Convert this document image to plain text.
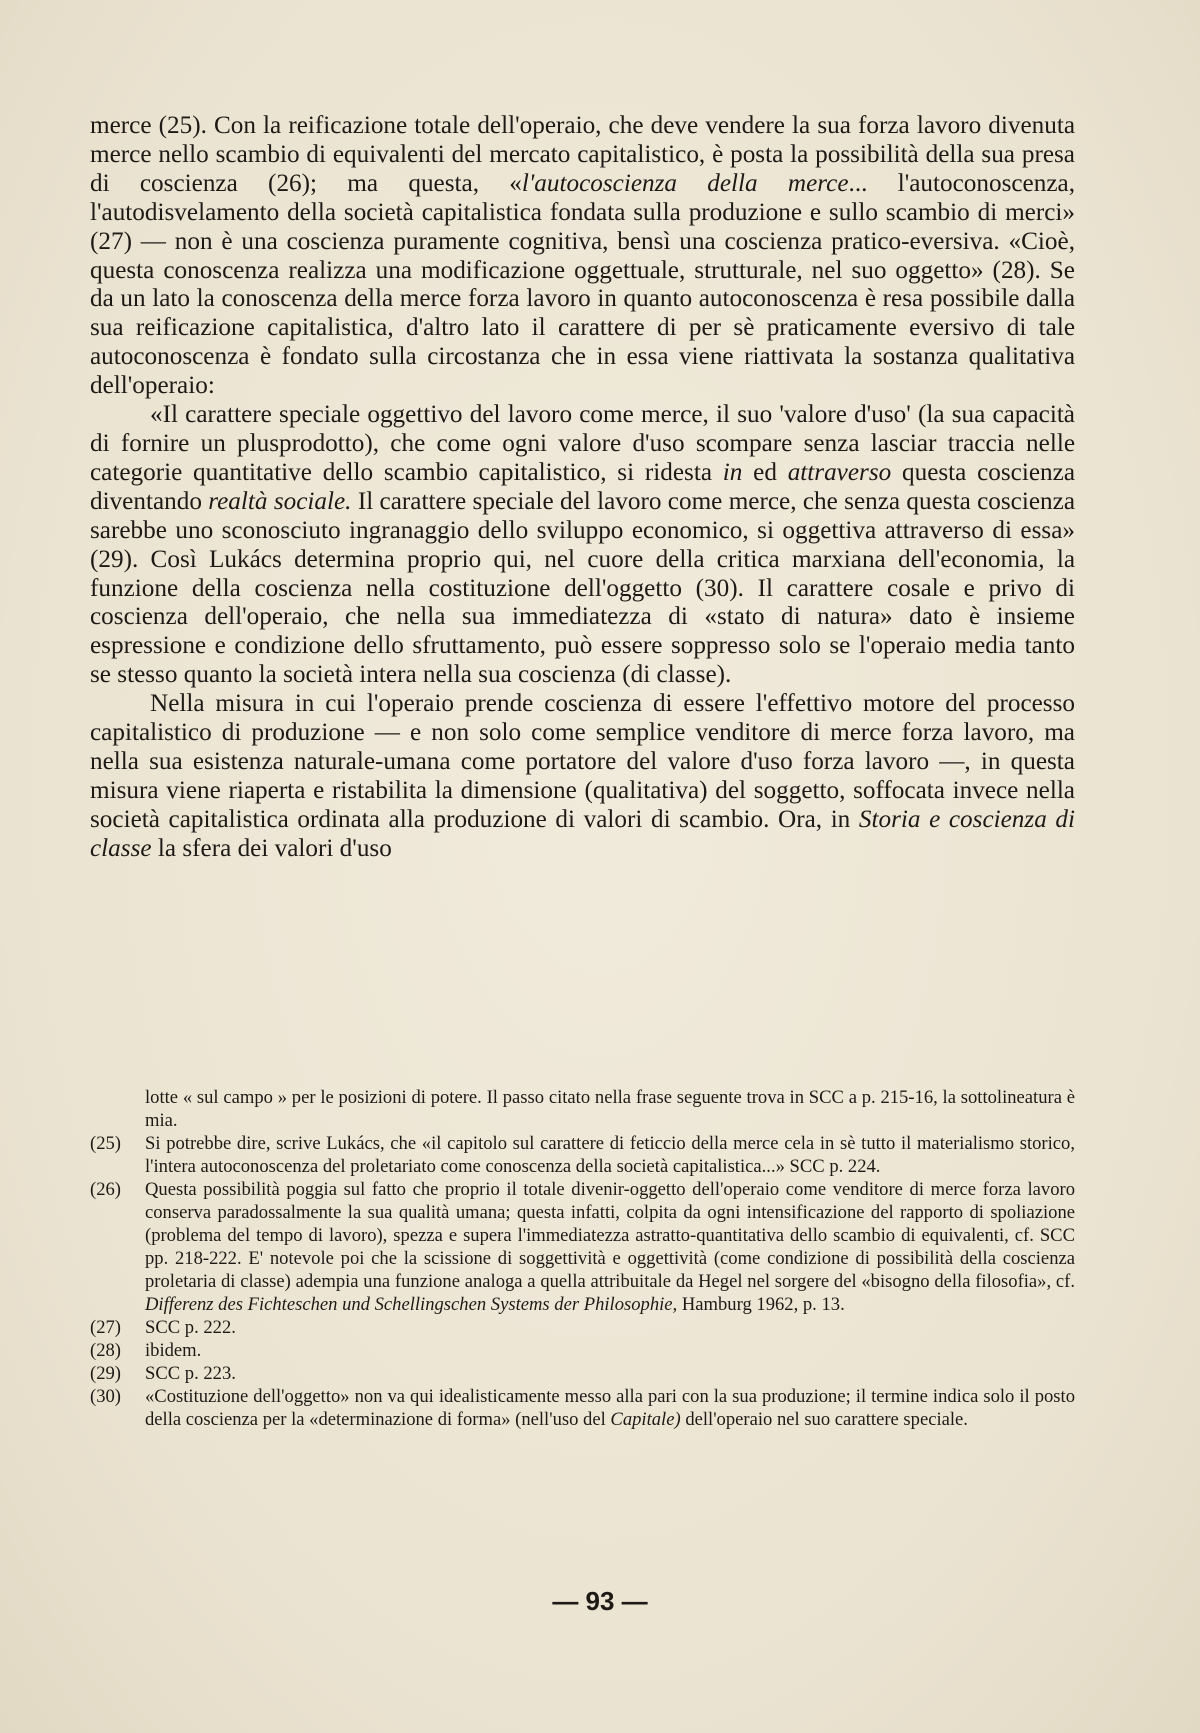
merce (25). Con la reificazione totale dell'operaio, che deve vendere la sua forza lavoro divenuta merce nello scambio di equivalenti del mercato capitalistico, è posta la possibilità della sua presa di coscienza (26); ma questa, «l'autocoscienza della merce... l'autoconoscenza, l'autodisvelamento della società capitalistica fondata sulla produzione e sullo scambio di merci» (27) — non è una coscienza puramente cognitiva, bensì una coscienza pratico-eversiva. «Cioè, questa conoscenza realizza una modificazione oggettuale, strutturale, nel suo oggetto» (28). Se da un lato la conoscenza della merce forza lavoro in quanto autoconoscenza è resa possibile dalla sua reificazione capitalistica, d'altro lato il carattere di per sè praticamente eversivo di tale autoconoscenza è fondato sulla circostanza che in essa viene riattivata la sostanza qualitativa dell'operaio:

«Il carattere speciale oggettivo del lavoro come merce, il suo 'valore d'uso' (la sua capacità di fornire un plusprodotto), che come ogni valore d'uso scompare senza lasciar traccia nelle categorie quantitative dello scambio capitalistico, si ridesta in ed attraverso questa coscienza diventando realtà sociale. Il carattere speciale del lavoro come merce, che senza questa coscienza sarebbe uno sconosciuto ingranaggio dello sviluppo economico, si oggettiva attraverso di essa» (29). Così Lukács determina proprio qui, nel cuore della critica marxiana dell'economia, la funzione della coscienza nella costituzione dell'oggetto (30). Il carattere cosale e privo di coscienza dell'operaio, che nella sua immediatezza di «stato di natura» dato è insieme espressione e condizione dello sfruttamento, può essere soppresso solo se l'operaio media tanto se stesso quanto la società intera nella sua coscienza (di classe).

Nella misura in cui l'operaio prende coscienza di essere l'effettivo motore del processo capitalistico di produzione — e non solo come semplice venditore di merce forza lavoro, ma nella sua esistenza naturale-umana come portatore del valore d'uso forza lavoro —, in questa misura viene riaperta e ristabilita la dimensione (qualitativa) del soggetto, soffocata invece nella società capitalistica ordinata alla produzione di valori di scambio. Ora, in Storia e coscienza di classe la sfera dei valori d'uso

lotte « sul campo » per le posizioni di potere. Il passo citato nella frase seguente trova in SCC a p. 215-16, la sottolineatura è mia.
(25)	Si potrebbe dire, scrive Lukács, che «il capitolo sul carattere di feticcio della merce cela in sè tutto il materialismo storico, l'intera autoconoscenza del proletariato come conoscenza della società capitalistica...» SCC p. 224.
(26)	Questa possibilità poggia sul fatto che proprio il totale divenir-oggetto dell'operaio come venditore di merce forza lavoro conserva paradossalmente la sua qualità umana; questa infatti, colpita da ogni intensificazione del rapporto di spoliazione (problema del tempo di lavoro), spezza e supera l'immediatezza astratto-quantitativa dello scambio di equivalenti, cf. SCC pp. 218-222. E' notevole poi che la scissione di soggettività e oggettività (come condizione di possibilità della coscienza proletaria di classe) adempia una funzione analoga a quella attribuitale da Hegel nel sorgere del «bisogno della filosofia», cf. Differenz des Fichteschen und Schellingschen Systems der Philosophie, Hamburg 1962, p. 13.
(27)	SCC p. 222.
(28)	ibidem.
(29)	SCC p. 223.
(30)	«Costituzione dell'oggetto» non va qui idealisticamente messo alla pari con la sua produzione; il termine indica solo il posto della coscienza per la «determinazione di forma» (nell'uso del Capitale) dell'operaio nel suo carattere speciale.
— 93 —
